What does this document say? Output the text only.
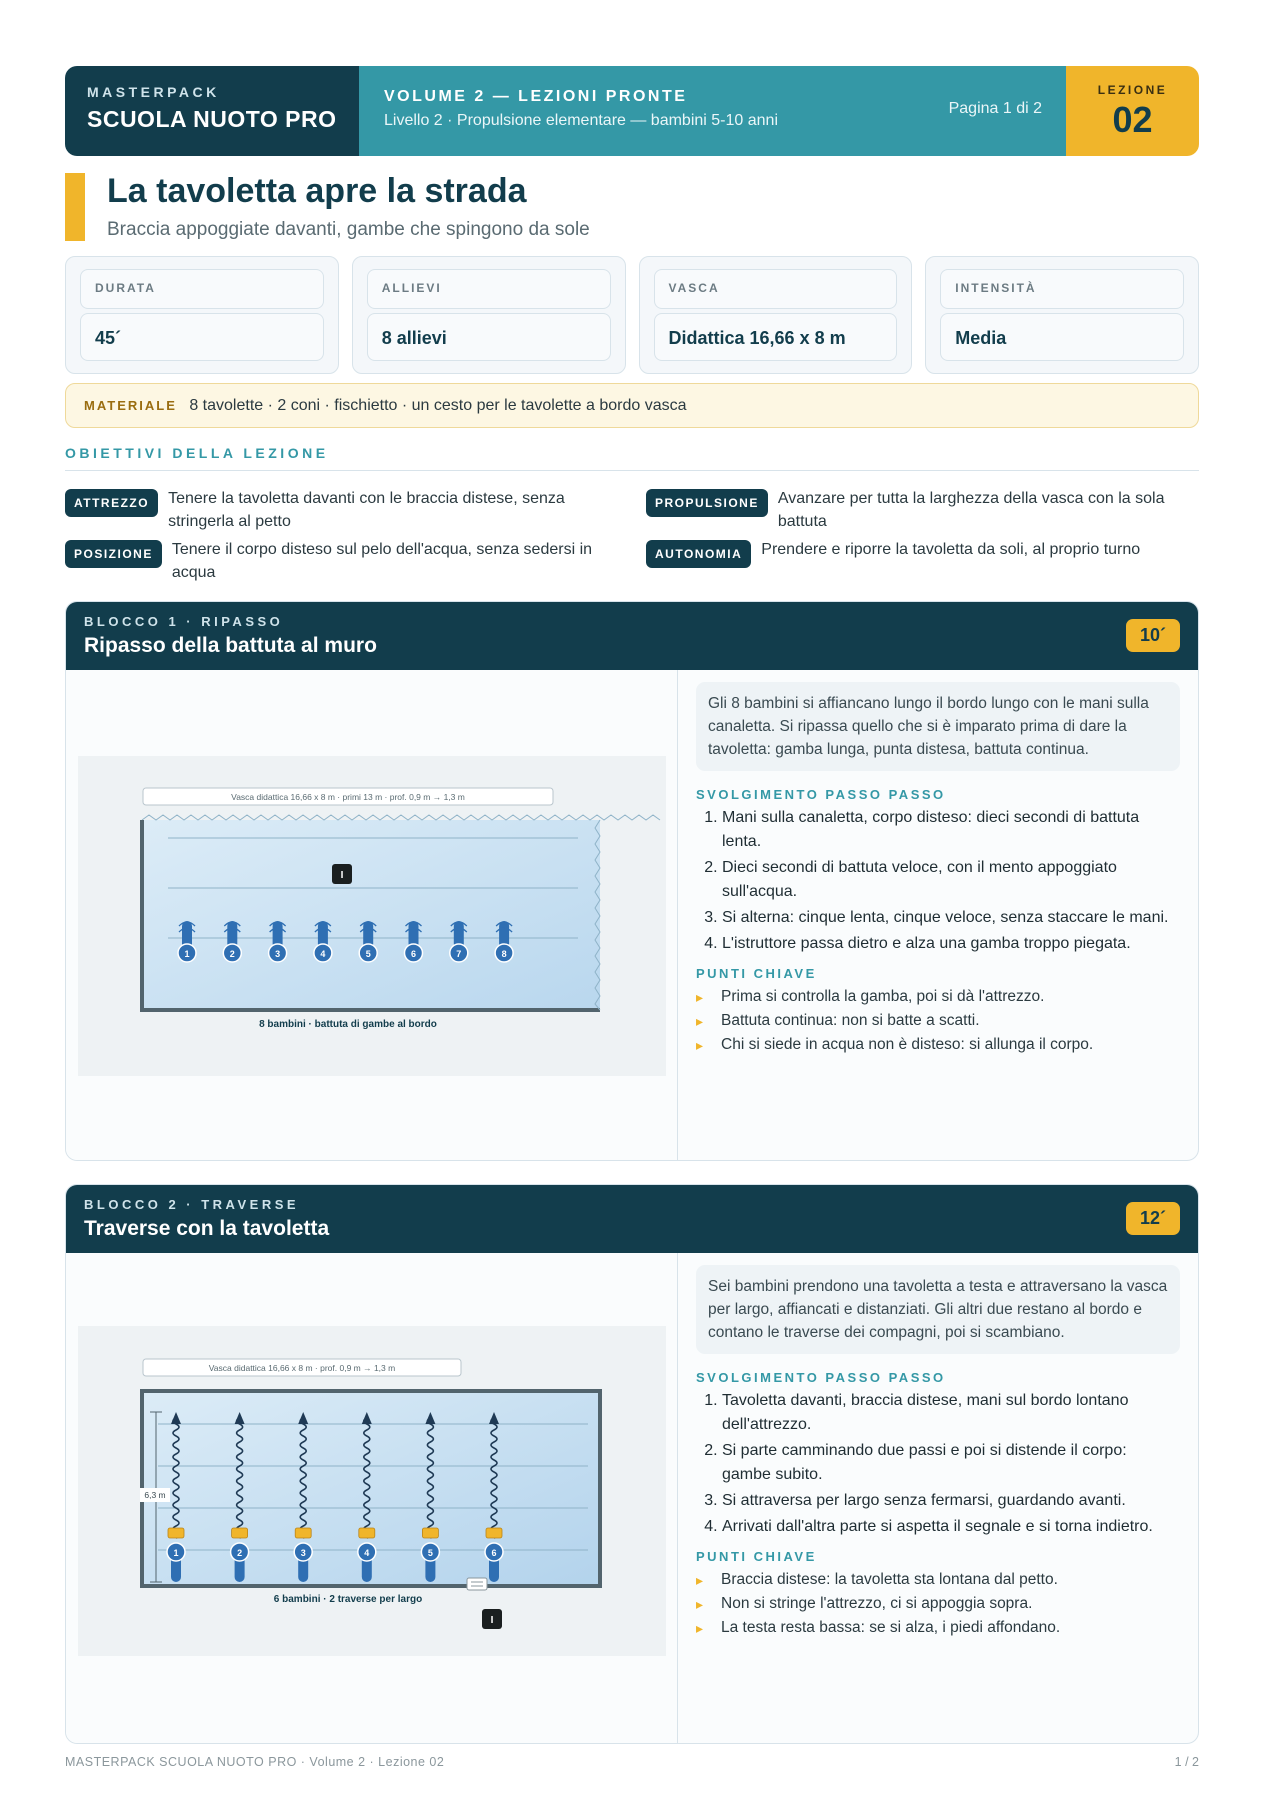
MASTERPACK
SCUOLA NUOTO PRO
VOLUME 2 — LEZIONI PRONTE
Livello 2 · Propulsione elementare — bambini 5-10 anni
Pagina 1 di 2
LEZIONE
02
La tavoletta apre la strada
Braccia appoggiate davanti, gambe che spingono da sole
DURATA
45´
ALLIEVI
8 allievi
VASCA
Didattica 16,66 x 8 m
INTENSITÀ
Media
MATERIALE 8 tavolette · 2 coni · fischietto · un cesto per le tavolette a bordo vasca
OBIETTIVI DELLA LEZIONE
ATTREZZO	Tenere la tavoletta davanti con le braccia distese, senza stringerla al petto
PROPULSIONE	Avanzare per tutta la larghezza della vasca con la sola battuta
POSIZIONE	Tenere il corpo disteso sul pelo dell'acqua, senza sedersi in acqua
AUTONOMIA	Prendere e riporre la tavoletta da soli, al proprio turno
BLOCCO 1 · RIPASSO
Ripasso della battuta al muro	10´
Vasca didattica 16,66 x 8 m · primi 13 m · prof. 0,9 m → 1,3 m
I
1	2	3	4	5	6	7	8
8 bambini · battuta di gambe al bordo
Gli 8 bambini si affiancano lungo il bordo lungo con le mani sulla canaletta. Si ripassa quello che si è imparato prima di dare la tavoletta: gamba lunga, punta distesa, battuta continua.
SVOLGIMENTO PASSO PASSO
1. Mani sulla canaletta, corpo disteso: dieci secondi di battuta lenta.
2. Dieci secondi di battuta veloce, con il mento appoggiato sull'acqua.
3. Si alterna: cinque lenta, cinque veloce, senza staccare le mani.
4. L'istruttore passa dietro e alza una gamba troppo piegata.
PUNTI CHIAVE
▸ Prima si controlla la gamba, poi si dà l'attrezzo.
▸ Battuta continua: non si batte a scatti.
▸ Chi si siede in acqua non è disteso: si allunga il corpo.
BLOCCO 2 · TRAVERSE
Traverse con la tavoletta	12´
Vasca didattica 16,66 x 8 m · prof. 0,9 m → 1,3 m
6,3 m
1	2	3	4	5	6
6 bambini · 2 traverse per largo
I
Sei bambini prendono una tavoletta a testa e attraversano la vasca per largo, affiancati e distanziati. Gli altri due restano al bordo e contano le traverse dei compagni, poi si scambiano.
SVOLGIMENTO PASSO PASSO
1. Tavoletta davanti, braccia distese, mani sul bordo lontano dell'attrezzo.
2. Si parte camminando due passi e poi si distende il corpo: gambe subito.
3. Si attraversa per largo senza fermarsi, guardando avanti.
4. Arrivati dall'altra parte si aspetta il segnale e si torna indietro.
PUNTI CHIAVE
▸ Braccia distese: la tavoletta sta lontana dal petto.
▸ Non si stringe l'attrezzo, ci si appoggia sopra.
▸ La testa resta bassa: se si alza, i piedi affondano.
MASTERPACK SCUOLA NUOTO PRO · Volume 2 · Lezione 02	1 / 2
